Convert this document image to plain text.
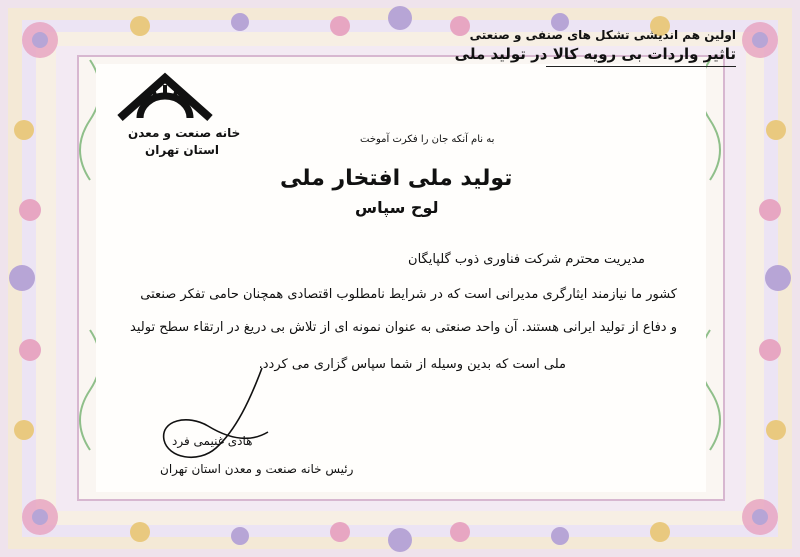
اولین هم اندیشی تشکل های صنفی و صنعتی
تاثیر واردات بی رویه کالا در تولید ملی
خانه صنعت و معدن
استان تهران
به نام آنکه جان را فکرت آموخت
تولید ملی افتخار ملی
لوح سپاس
مدیریت محترم شرکت فناوری ذوب گلپایگان
کشور ما نیازمند ایثارگری مدیرانی است که در شرایط نامطلوب اقتصادی همچنان حامی تفکر صنعتی
و دفاع از تولید ایرانی هستند. آن واحد صنعتی به عنوان نمونه ای از تلاش بی دریغ در ارتقاء سطح تولید
ملی است که بدین وسیله از شما سپاس گزاری می کردد.
هادی غنیمی فرد
رئیس خانه صنعت و معدن استان تهران
